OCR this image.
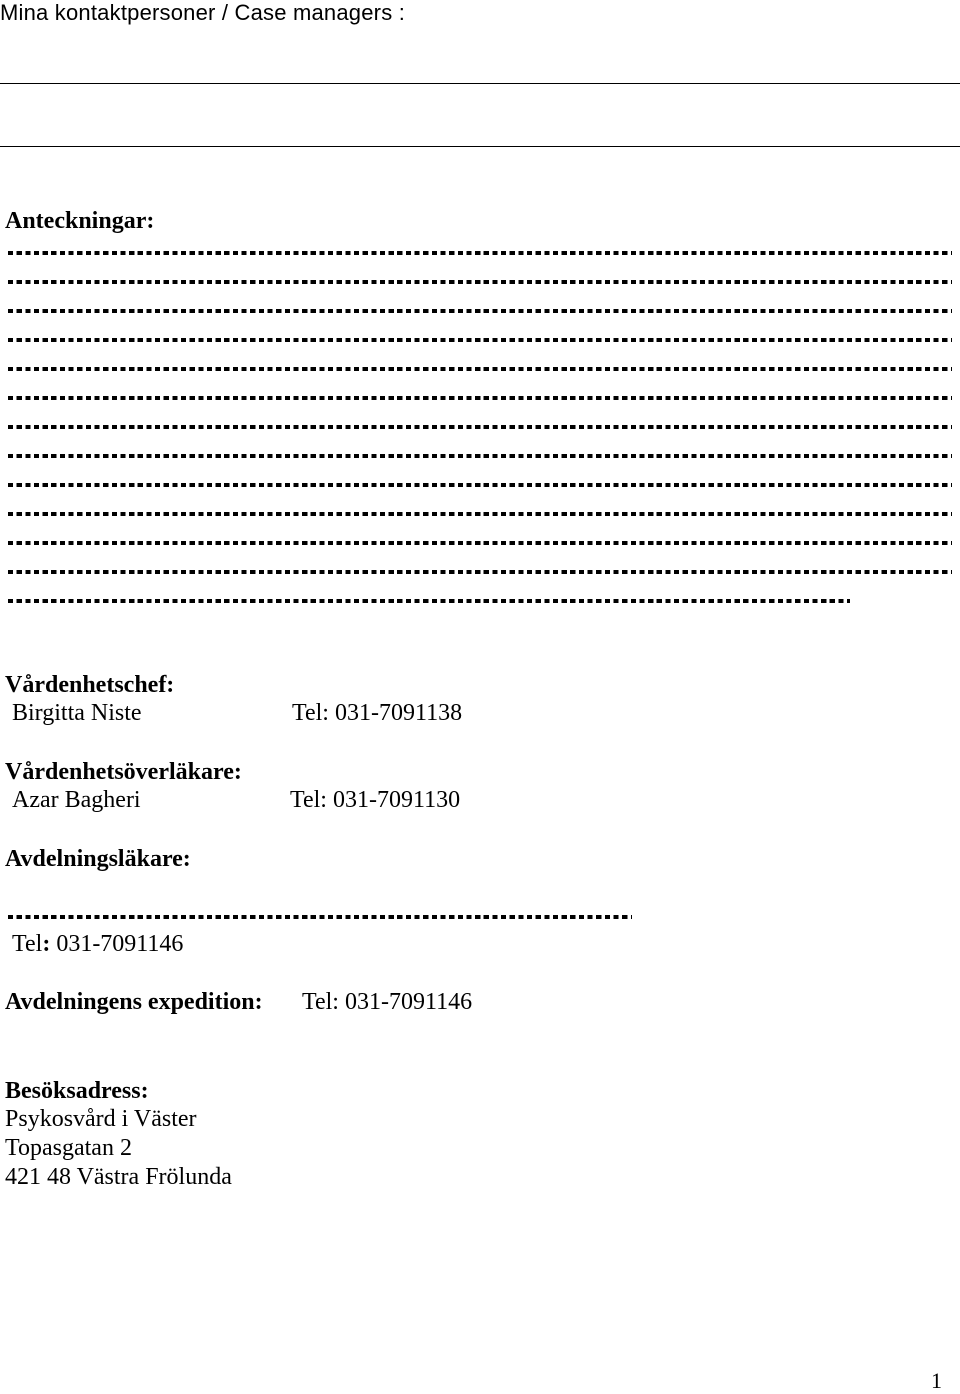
Mina kontaktpersoner / Case managers :
Anteckningar:
Vårdenhetschef:
Birgitta Niste	Tel: 031-7091138
Vårdenhetsöverläkare:
Azar Bagheri	Tel: 031-7091130
Avdelningsläkare:
Tel: 031-7091146
Avdelningens expedition: Tel: 031-7091146
Besöksadress:
Psykosvård i Väster
Topasgatan 2
421 48 Västra Frölunda
1
